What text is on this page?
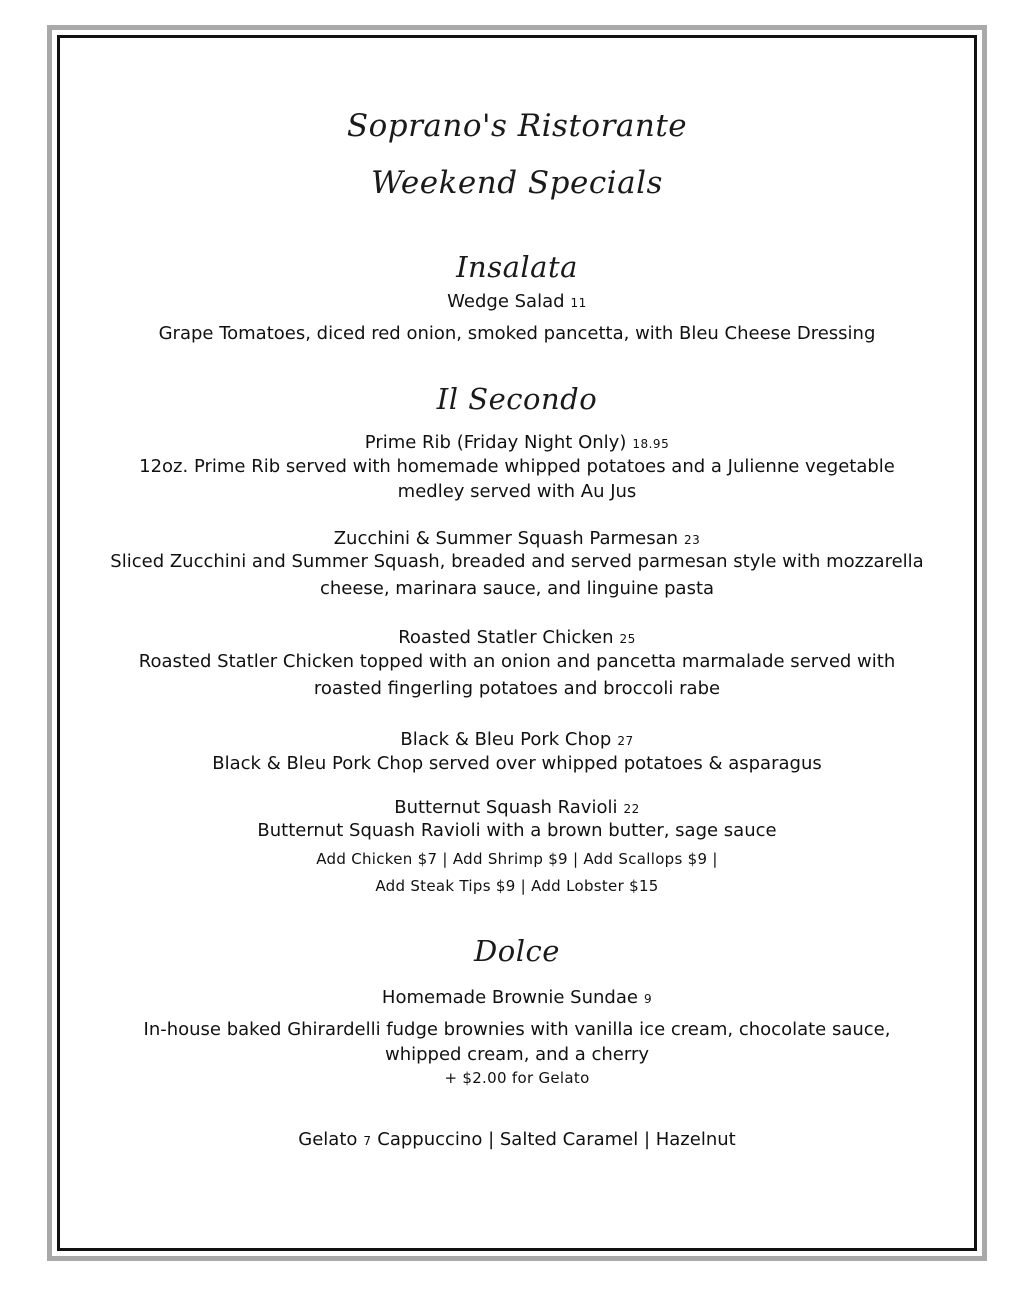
Soprano's Ristorante
Weekend Specials
Insalata
Wedge Salad 11
Grape Tomatoes, diced red onion, smoked pancetta, with Bleu Cheese Dressing
Il Secondo
Prime Rib (Friday Night Only) 18.95
12oz. Prime Rib served with homemade whipped potatoes and a Julienne vegetable
medley served with Au Jus
Zucchini & Summer Squash Parmesan 23
Sliced Zucchini and Summer Squash, breaded and served parmesan style with mozzarella
cheese, marinara sauce, and linguine pasta
Roasted Statler Chicken 25
Roasted Statler Chicken topped with an onion and pancetta marmalade served with
roasted fingerling potatoes and broccoli rabe
Black & Bleu Pork Chop 27
Black & Bleu Pork Chop served over whipped potatoes & asparagus
Butternut Squash Ravioli 22
Butternut Squash Ravioli with a brown butter, sage sauce
Add Chicken $7 | Add Shrimp $9 | Add Scallops $9 |
Add Steak Tips $9 | Add Lobster $15
Dolce
Homemade Brownie Sundae 9
In-house baked Ghirardelli fudge brownies with vanilla ice cream, chocolate sauce,
whipped cream, and a cherry
+ $2.00 for Gelato
Gelato 7 Cappuccino | Salted Caramel | Hazelnut
